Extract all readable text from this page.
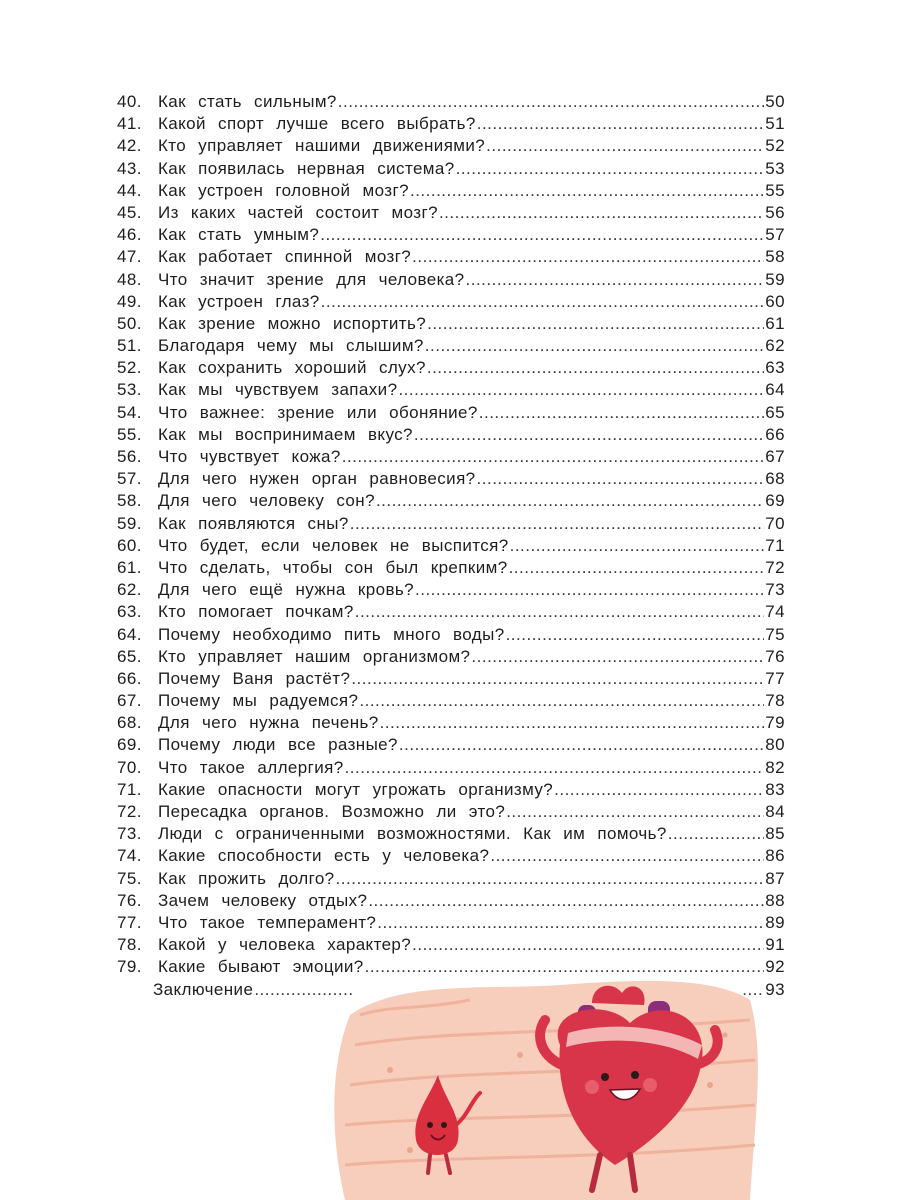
40. Как стать сильным? .....	50
41. Какой спорт лучше всего выбрать? .....	51
42. Кто управляет нашими движениями? .....	52
43. Как появилась нервная система? .....	53
44. Как устроен головной мозг? .....	55
45. Из каких частей состоит мозг? .....	56
46. Как стать умным? .....	57
47. Как работает спинной мозг? .....	58
48. Что значит зрение для человека? .....	59
49. Как устроен глаз? .....	60
50. Как зрение можно испортить? .....	61
51. Благодаря чему мы слышим? .....	62
52. Как сохранить хороший слух? .....	63
53. Как мы чувствуем запахи? .....	64
54. Что важнее: зрение или обоняние? .....	65
55. Как мы воспринимаем вкус? .....	66
56. Что чувствует кожа? .....	67
57. Для чего нужен орган равновесия? .....	68
58. Для чего человеку сон? .....	69
59. Как появляются сны? .....	70
60. Что будет, если человек не выспится? .....	71
61. Что сделать, чтобы сон был крепким? .....	72
62. Для чего ещё нужна кровь? .....	73
63. Кто помогает почкам? .....	74
64. Почему необходимо пить много воды? .....	75
65. Кто управляет нашим организмом? .....	76
66. Почему Ваня растёт? .....	77
67. Почему мы радуемся? .....	78
68. Для чего нужна печень? .....	79
69. Почему люди все разные? .....	80
70. Что такое аллергия? .....	82
71. Какие опасности могут угрожать организму? .....	83
72. Пересадка органов. Возможно ли это? .....	84
73. Люди с ограниченными возможностями. Как им помочь? .....	85
74. Какие способности есть у человека? .....	86
75. Как прожить долго? .....	87
76. Зачем человеку отдых? .....	88
77. Что такое темперамент? .....	89
78. Какой у человека характер? .....	91
79. Какие бывают эмоции? .....	92
Заключение ..... .....	93
